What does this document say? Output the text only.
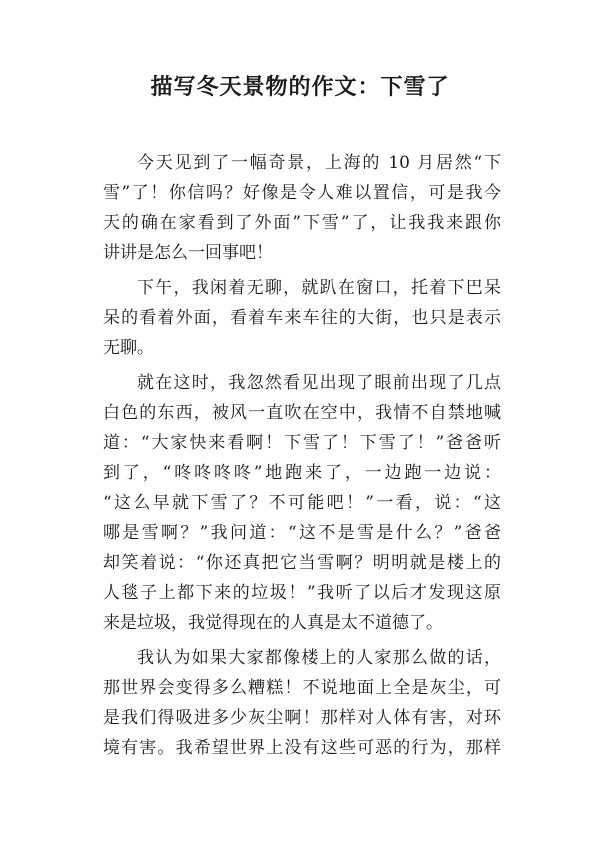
描写冬天景物的作文：下雪了
今天见到了一幅奇景，上海的 10 月居然“下
雪”了！你信吗？好像是令人难以置信，可是我今
天的确在家看到了外面”下雪”了，让我我来跟你
讲讲是怎么一回事吧！
下午，我闲着无聊，就趴在窗口，托着下巴呆
呆的看着外面，看着车来车往的大街，也只是表示
无聊。
就在这时，我忽然看见出现了眼前出现了几点
白色的东西，被风一直吹在空中，我情不自禁地喊
道：“大家快来看啊！下雪了！下雪了！”爸爸听
到了，“咚咚咚咚”地跑来了，一边跑一边说：
“这么早就下雪了？不可能吧！”一看，说：“这
哪是雪啊？”我问道：“这不是雪是什么？”爸爸
却笑着说：“你还真把它当雪啊？明明就是楼上的
人毯子上都下来的垃圾！”我听了以后才发现这原
来是垃圾，我觉得现在的人真是太不道德了。
我认为如果大家都像楼上的人家那么做的话，
那世界会变得多么糟糕！不说地面上全是灰尘，可
是我们得吸进多少灰尘啊！那样对人体有害，对环
境有害。我希望世界上没有这些可恶的行为，那样
